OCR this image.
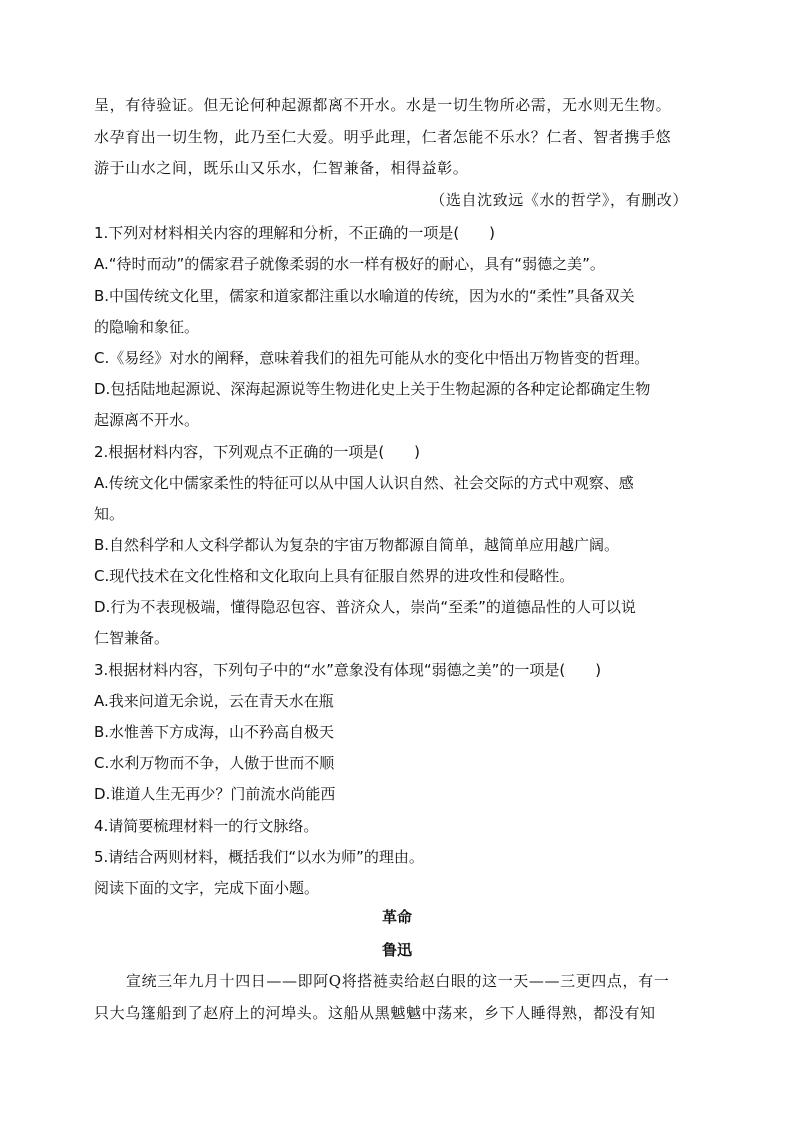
呈，有待验证。但无论何种起源都离不开水。水是一切生物所必需，无水则无生物。
水孕育出一切生物，此乃至仁大爱。明乎此理，仁者怎能不乐水？仁者、智者携手悠
游于山水之间，既乐山又乐水，仁智兼备，相得益彰。
（选自沈致远《水的哲学》，有删改）
1.下列对材料相关内容的理解和分析，不正确的一项是(　　)
A.“待时而动”的儒家君子就像柔弱的水一样有极好的耐心，具有“弱德之美”。
B.中国传统文化里，儒家和道家都注重以水喻道的传统，因为水的“柔性”具备双关
的隐喻和象征。
C.《易经》对水的阐释，意味着我们的祖先可能从水的变化中悟出万物皆变的哲理。
D.包括陆地起源说、深海起源说等生物进化史上关于生物起源的各种定论都确定生物
起源离不开水。
2.根据材料内容，下列观点不正确的一项是(　　)
A.传统文化中儒家柔性的特征可以从中国人认识自然、社会交际的方式中观察、感
知。
B.自然科学和人文科学都认为复杂的宇宙万物都源自简单，越简单应用越广阔。
C.现代技术在文化性格和文化取向上具有征服自然界的进攻性和侵略性。
D.行为不表现极端，懂得隐忍包容、普济众人，崇尚“至柔”的道德品性的人可以说
仁智兼备。
3.根据材料内容，下列句子中的“水”意象没有体现“弱德之美”的一项是(　　)
A.我来问道无余说，云在青天水在瓶
B.水惟善下方成海，山不矜高自极天
C.水利万物而不争，人傲于世而不顺
D.谁道人生无再少？门前流水尚能西
4.请简要梳理材料一的行文脉络。
5.请结合两则材料，概括我们“以水为师”的理由。
阅读下面的文字，完成下面小题。
革命
鲁迅
宣统三年九月十四日——即阿Q将搭裢卖给赵白眼的这一天——三更四点，有一
只大乌篷船到了赵府上的河埠头。这船从黑魆魆中荡来，乡下人睡得熟，都没有知
